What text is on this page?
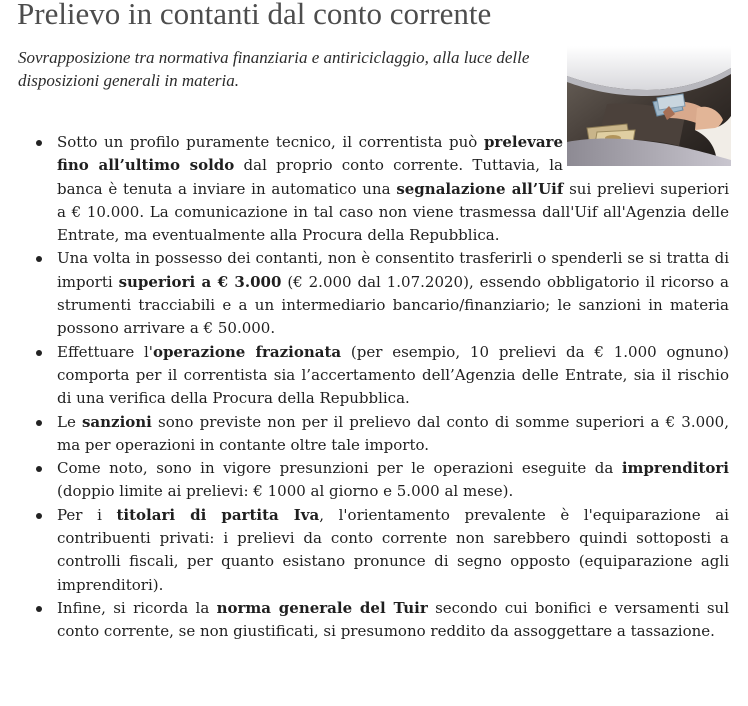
Prelievo in contanti dal conto corrente

Sovrapposizione tra normativa finanziaria e antiriciclaggio, alla luce delle disposizioni generali in materia.

Sotto un profilo puramente tecnico, il correntista può prelevare fino all’ultimo soldo dal proprio conto corrente. Tuttavia, la banca è tenuta a inviare in automatico una segnalazione all’Uif sui prelievi superiori a € 10.000. La comunicazione in tal caso non viene trasmessa dall'Uif all'Agenzia delle Entrate, ma eventualmente alla Procura della Repubblica.
Una volta in possesso dei contanti, non è consentito trasferirli o spenderli se si tratta di importi superiori a € 3.000 (€ 2.000 dal 1.07.2020), essendo obbligatorio il ricorso a strumenti tracciabili e a un intermediario bancario/finanziario; le sanzioni in materia possono arrivare a € 50.000.
Effettuare l'operazione frazionata (per esempio, 10 prelievi da € 1.000 ognuno) comporta per il correntista sia l’accertamento dell’Agenzia delle Entrate, sia il rischio di una verifica della Procura della Repubblica.
Le sanzioni sono previste non per il prelievo dal conto di somme superiori a € 3.000, ma per operazioni in contante oltre tale importo.
Come noto, sono in vigore presunzioni per le operazioni eseguite da imprenditori (doppio limite ai prelievi: € 1000 al giorno e 5.000 al mese).
Per i titolari di partita Iva, l'orientamento prevalente è l'equiparazione ai contribuenti privati: i prelievi da conto corrente non sarebbero quindi sottoposti a controlli fiscali, per quanto esistano pronunce di segno opposto (equiparazione agli imprenditori).
Infine, si ricorda la norma generale del Tuir secondo cui bonifici e versamenti sul conto corrente, se non giustificati, si presumono reddito da assoggettare a tassazione.
